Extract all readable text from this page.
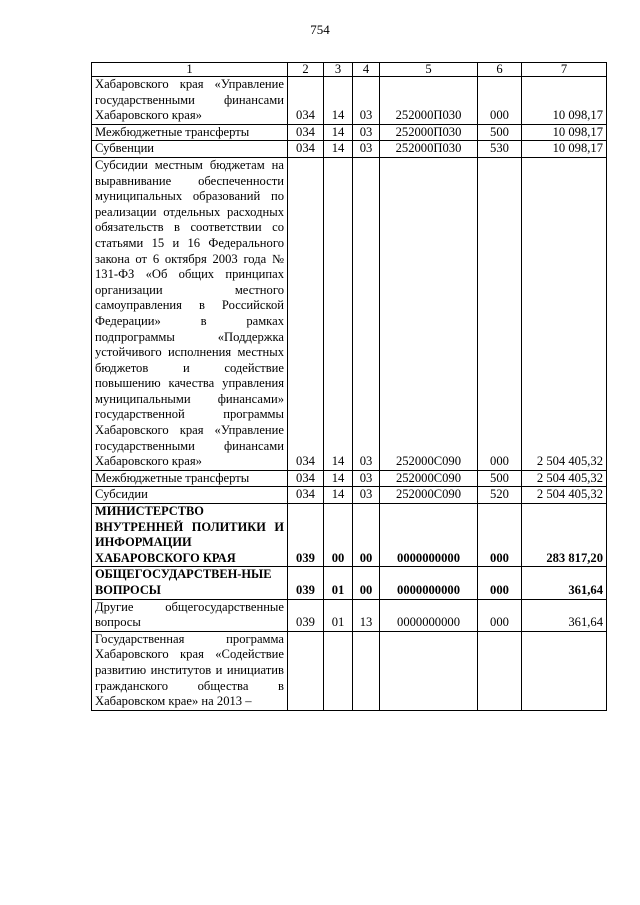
754
1	2	3	4	5	6	7
Хабаровского края «Управление государственными финансами Хабаровского края»	034	14	03	252000П030	000	10 098,17
Межбюджетные трансферты	034	14	03	252000П030	500	10 098,17
Субвенции	034	14	03	252000П030	530	10 098,17
Субсидии местным бюджетам на выравнивание обеспеченности муниципальных образований по реализации отдельных расходных обязательств в соответствии со статьями 15 и 16 Федерального закона от 6 октября 2003 года № 131-ФЗ «Об общих принципах организации местного самоуправления в Российской Федерации» в рамках подпрограммы «Поддержка устойчивого исполнения местных бюджетов и содействие повышению качества управления муниципальными финансами» государственной программы Хабаровского края «Управление государственными финансами Хабаровского края»	034	14	03	252000С090	000	2 504 405,32
Межбюджетные трансферты	034	14	03	252000С090	500	2 504 405,32
Субсидии	034	14	03	252000С090	520	2 504 405,32
МИНИСТЕРСТВО ВНУТРЕННЕЙ ПОЛИТИКИ И ИНФОРМАЦИИ ХАБАРОВСКОГО КРАЯ	039	00	00	0000000000	000	283 817,20
ОБЩЕГОСУДАРСТВЕН-НЫЕ ВОПРОСЫ	039	01	00	0000000000	000	361,64
Другие общегосударственные вопросы	039	01	13	0000000000	000	361,64
Государственная программа Хабаровского края «Содействие развитию институтов и инициатив гражданского общества в Хабаровском крае» на 2013 –						
